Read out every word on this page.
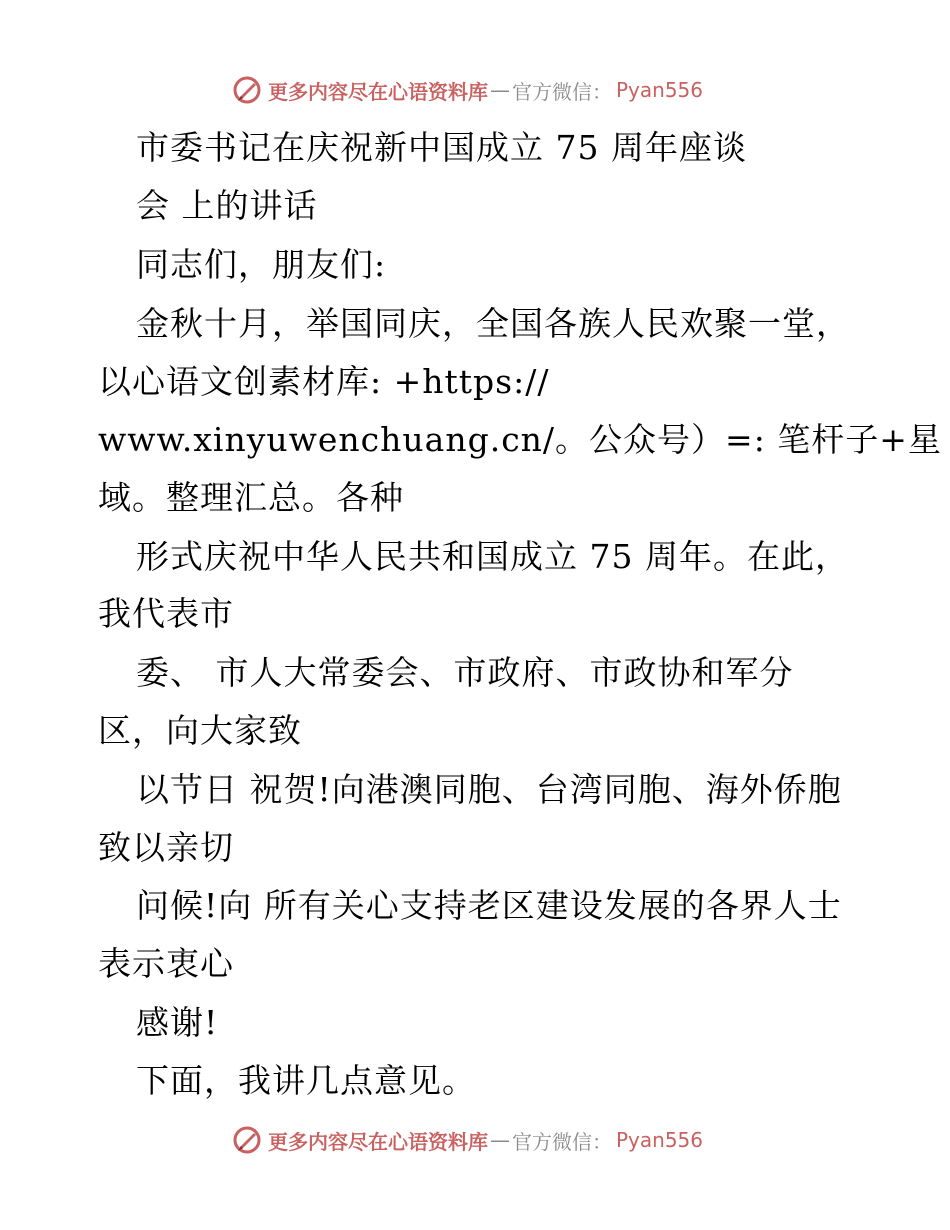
更多内容尽在心语资料库 — 官方微信： Pyan556
市委书记在庆祝新中国成立 75 周年座谈
会 上的讲话
同志们，朋友们:
金秋十月，举国同庆，全国各族人民欢聚一堂，
以心语文创素材库: +https://
www.xinyuwenchuang.cn/。公众号）=: 笔杆子+星
域。整理汇总。各种
形式庆祝中华人民共和国成立 75 周年。在此，
我代表市
委、 市人大常委会、市政府、市政协和军分
区，向大家致
以节日 祝贺!向港澳同胞、台湾同胞、海外侨胞
致以亲切
问候!向 所有关心支持老区建设发展的各界人士
表示衷心
感谢!
下面，我讲几点意见。
更多内容尽在心语资料库 — 官方微信： Pyan556
